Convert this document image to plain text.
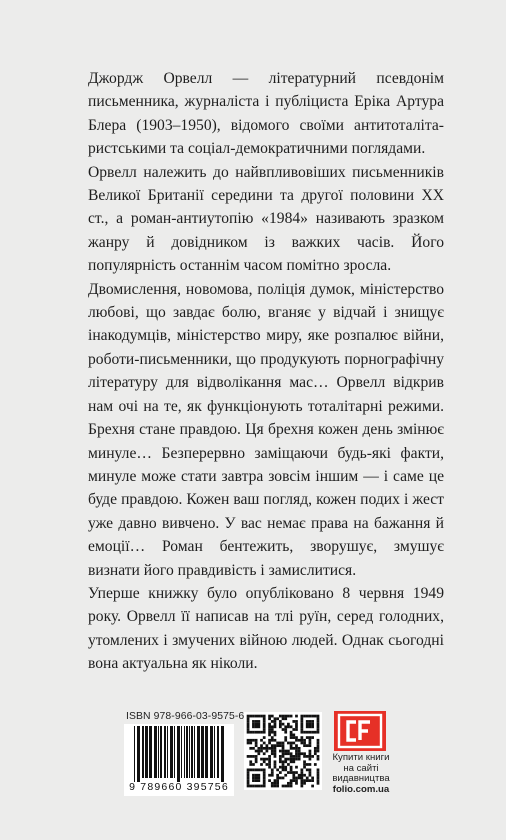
Джордж Орвелл — літературний псевдонім письменника, журналіста і публіциста Еріка Артура Блера (1903–1950), відомого своїми антитоталітаристськими та соціал-демократичними поглядами.

Орвелл належить до найвпливовіших письменників Великої Британії середини та другої половини XX ст., а роман-антиутопію «1984» називають зразком жанру й довідником із важких часів. Його популярність останнім часом помітно зросла.

Двомислення, новомова, поліція думок, міністерство любові, що завдає болю, вганяє у відчай і знищує інакодумців, міністерство миру, яке розпалює війни, роботи-письменники, що продукують порнографічну літературу для відволікання мас… Орвелл відкрив нам очі на те, як функціонують тоталітарні режими. Брехня стане правдою. Ця брехня кожен день змінює минуле… Безперервно заміщаючи будь-які факти, минуле може стати завтра зовсім іншим — і саме це буде правдою. Кожен ваш погляд, кожен подих і жест уже давно вивчено. У вас немає права на бажання й емоції… Роман бентежить, зворушує, змушує визнати його правдивість і замислитися.

Уперше книжку було опубліковано 8 червня 1949 року. Орвелл її написав на тлі руїн, серед голодних, утомлених і змучених війною людей. Однак сьогодні вона актуальна як ніколи.

ISBN 978-966-03-9575-6
9 789660 395756
Купити книги
на сайті
видавництва
folio.com.ua
